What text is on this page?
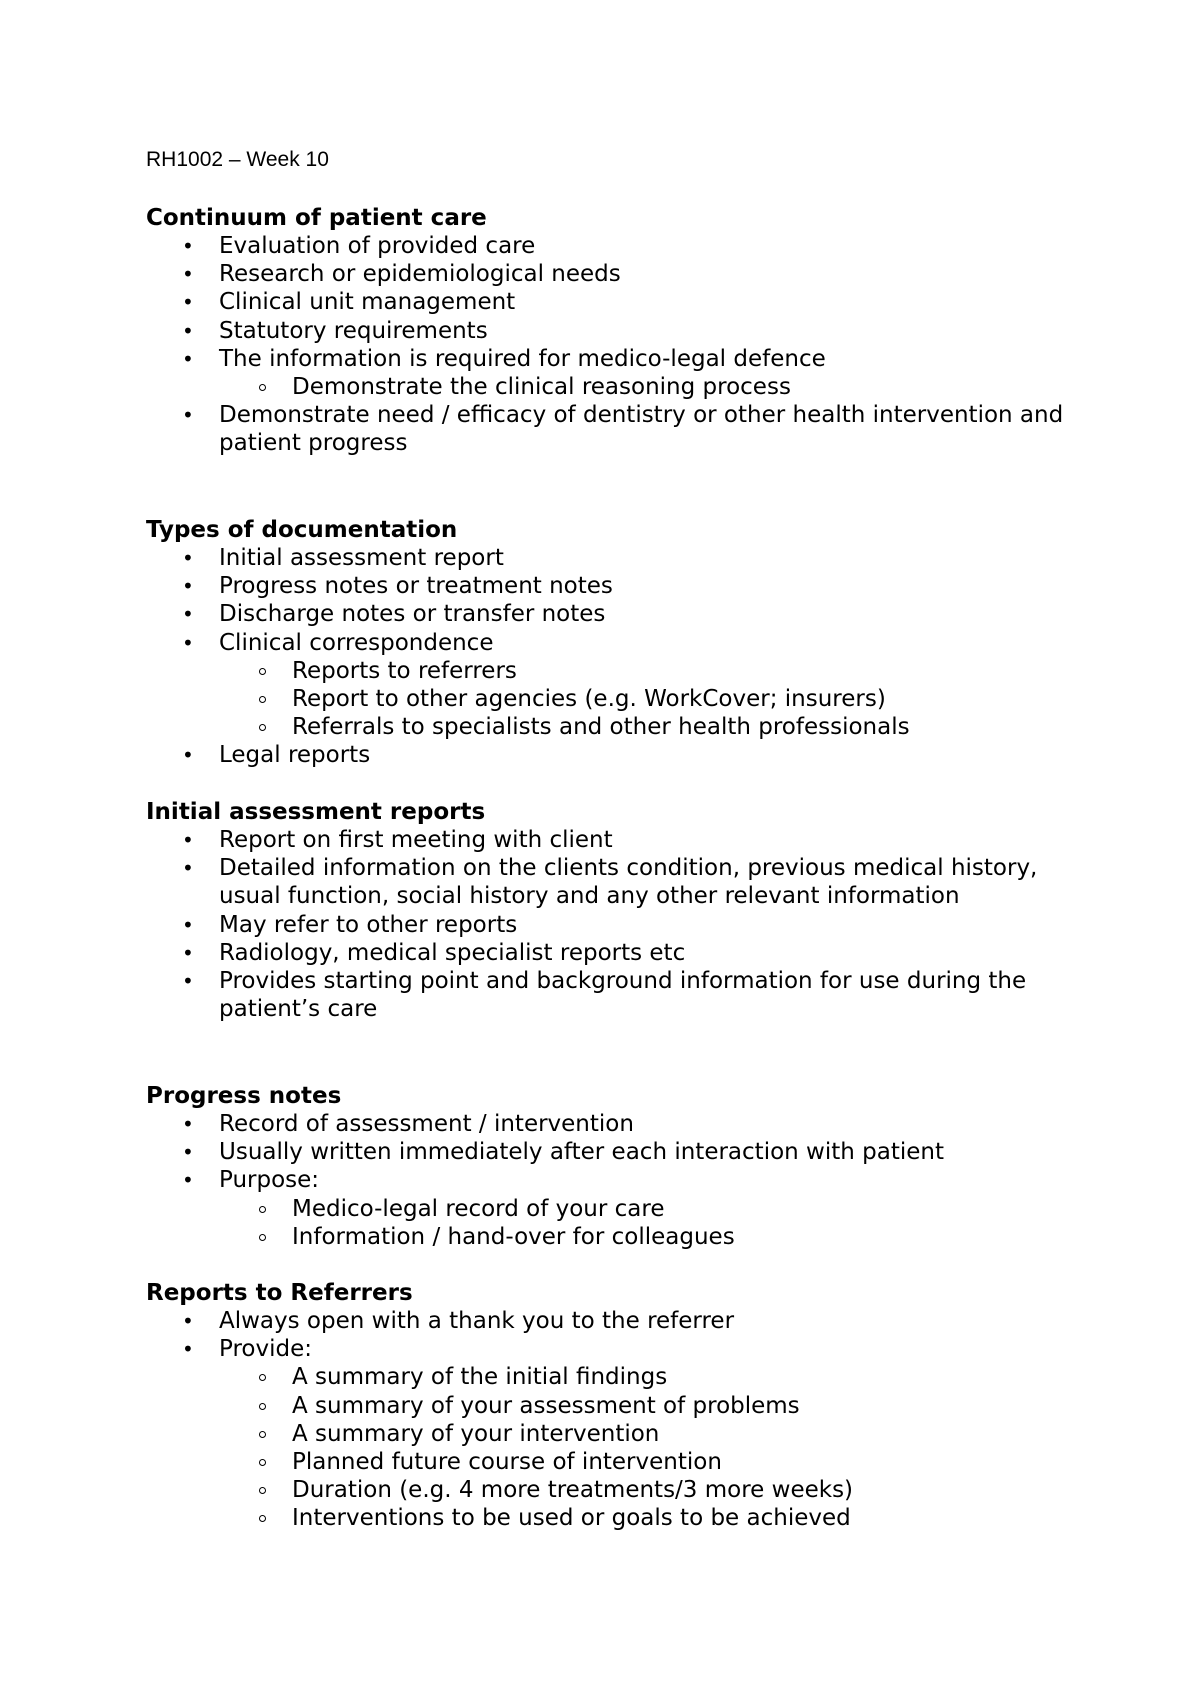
RH1002 – Week 10
Continuum of patient care
• Evaluation of provided care
• Research or epidemiological needs
• Clinical unit management
• Statutory requirements
• The information is required for medico-legal defence
Demonstrate the clinical reasoning process
• Demonstrate need / efficacy of dentistry or other health intervention and patient progress
Types of documentation
• Initial assessment report
• Progress notes or treatment notes
• Discharge notes or transfer notes
• Clinical correspondence
Reports to referrers
Report to other agencies (e.g. WorkCover; insurers)
Referrals to specialists and other health professionals
• Legal reports
Initial assessment reports
• Report on first meeting with client
• Detailed information on the clients condition, previous medical history, usual function, social history and any other relevant information
• May refer to other reports
• Radiology, medical specialist reports etc
• Provides starting point and background information for use during the patient’s care
Progress notes
• Record of assessment / intervention
• Usually written immediately after each interaction with patient
• Purpose:
Medico-legal record of your care
Information / hand-over for colleagues
Reports to Referrers
• Always open with a thank you to the referrer
• Provide:
A summary of the initial findings
A summary of your assessment of problems
A summary of your intervention
Planned future course of intervention
Duration (e.g. 4 more treatments/3 more weeks)
Interventions to be used or goals to be achieved
